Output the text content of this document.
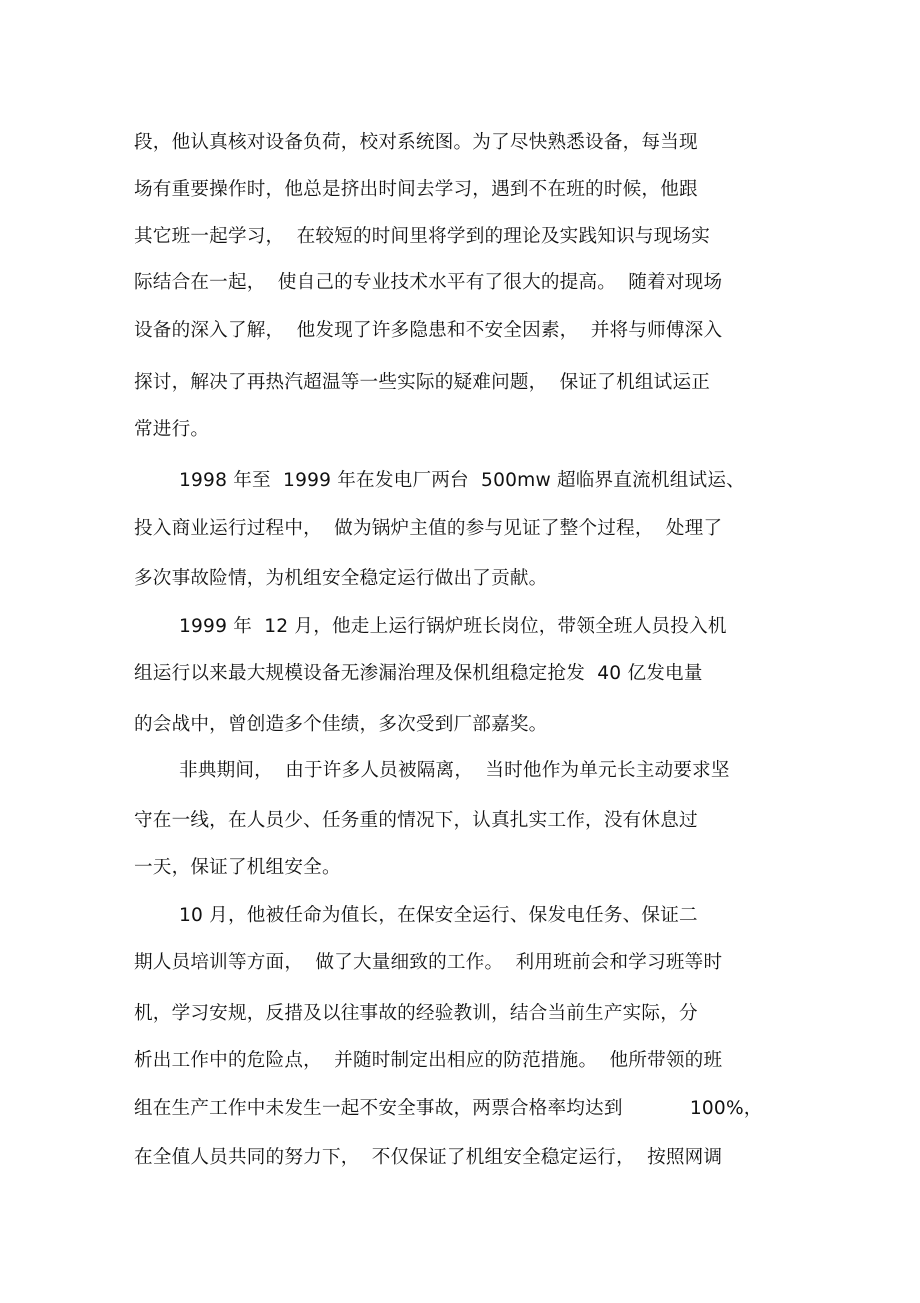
段，他认真核对设备负荷，校对系统图。为了尽快熟悉设备，每当现
场有重要操作时，他总是挤出时间去学习，遇到不在班的时候，他跟
其它班一起学习，  在较短的时间里将学到的理论及实践知识与现场实
际结合在一起，  使自己的专业技术水平有了很大的提高。  随着对现场
设备的深入了解，  他发现了许多隐患和不安全因素，  并将与师傅深入
探讨，解决了再热汽超温等一些实际的疑难问题，  保证了机组试运正
常进行。
1998 年至  1999 年在发电厂两台  500mw 超临界直流机组试运、
投入商业运行过程中，  做为锅炉主值的参与见证了整个过程，  处理了
多次事故险情，为机组安全稳定运行做出了贡献。
1999 年  12 月，他走上运行锅炉班长岗位，带领全班人员投入机
组运行以来最大规模设备无渗漏治理及保机组稳定抢发  40 亿发电量
的会战中，曾创造多个佳绩，多次受到厂部嘉奖。
非典期间，  由于许多人员被隔离，  当时他作为单元长主动要求坚
守在一线，在人员少、任务重的情况下，认真扎实工作，没有休息过
一天，保证了机组安全。
10 月，他被任命为值长，在保安全运行、保发电任务、保证二
期人员培训等方面，  做了大量细致的工作。  利用班前会和学习班等时
机，学习安规，反措及以往事故的经验教训，结合当前生产实际，分
析出工作中的危险点，  并随时制定出相应的防范措施。  他所带领的班
组在生产工作中未发生一起不安全事故，两票合格率均达到           100%，
在全值人员共同的努力下，  不仅保证了机组安全稳定运行，  按照网调
